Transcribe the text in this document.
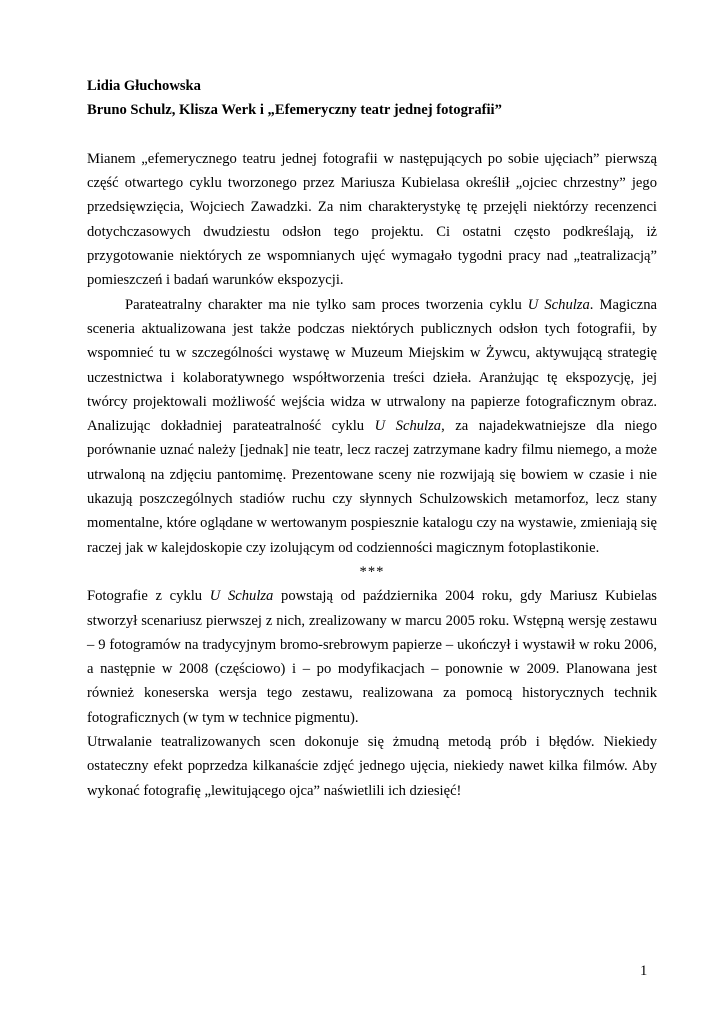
Lidia Głuchowska
Bruno Schulz, Klisza Werk i „Efemeryczny teatr jednej fotografii”

Mianem „efemerycznego teatru jednej fotografii w następujących po sobie ujęciach” pierwszą część otwartego cyklu tworzonego przez Mariusza Kubielasa określił „ojciec chrzestny” jego przedsięwzięcia, Wojciech Zawadzki. Za nim charakterystykę tę przejęli niektórzy recenzenci dotychczasowych dwudziestu odsłon tego projektu. Ci ostatni często podkreślają, iż przygotowanie niektórych ze wspomnianych ujęć wymagało tygodni pracy nad „teatralizacją” pomieszczeń i badań warunków ekspozycji.

Parateatralny charakter ma nie tylko sam proces tworzenia cyklu U Schulza. Magiczna sceneria aktualizowana jest także podczas niektórych publicznych odsłon tych fotografii, by wspomnieć tu w szczególności wystawę w Muzeum Miejskim w Żywcu, aktywującą strategię uczestnictwa i kolaboratywnego współtworzenia treści dzieła. Aranżując tę ekspozycję, jej twórcy projektowali możliwość wejścia widza w utrwalony na papierze fotograficznym obraz. Analizując dokładniej parateatralność cyklu U Schulza, za najadekwatniejsze dla niego porównanie uznać należy [jednak] nie teatr, lecz raczej zatrzymane kadry filmu niemego, a może utrwaloną na zdjęciu pantomimę. Prezentowane sceny nie rozwijają się bowiem w czasie i nie ukazują poszczególnych stadiów ruchu czy słynnych Schulzowskich metamorfoz, lecz stany momentalne, które oglądane w wertowanym pospiesznie katalogu czy na wystawie, zmieniają się raczej jak w kalejdoskopie czy izolującym od codzienności magicznym fotoplastikonie.

***

Fotografie z cyklu U Schulza powstają od października 2004 roku, gdy Mariusz Kubielas stworzył scenariusz pierwszej z nich, zrealizowany w marcu 2005 roku. Wstępną wersję zestawu – 9 fotogramów na tradycyjnym bromo-srebrowym papierze – ukończył i wystawił w roku 2006, a następnie w 2008 (częściowo) i – po modyfikacjach – ponownie w 2009. Planowana jest również koneserska wersja tego zestawu, realizowana za pomocą historycznych technik fotograficznych (w tym w technice pigmentu).

Utrwalanie teatralizowanych scen dokonuje się żmudną metodą prób i błędów. Niekiedy ostateczny efekt poprzedza kilkanaście zdjęć jednego ujęcia, niekiedy nawet kilka filmów. Aby wykonać fotografię „lewitującego ojca” naświetlili ich dziesięć!

1
